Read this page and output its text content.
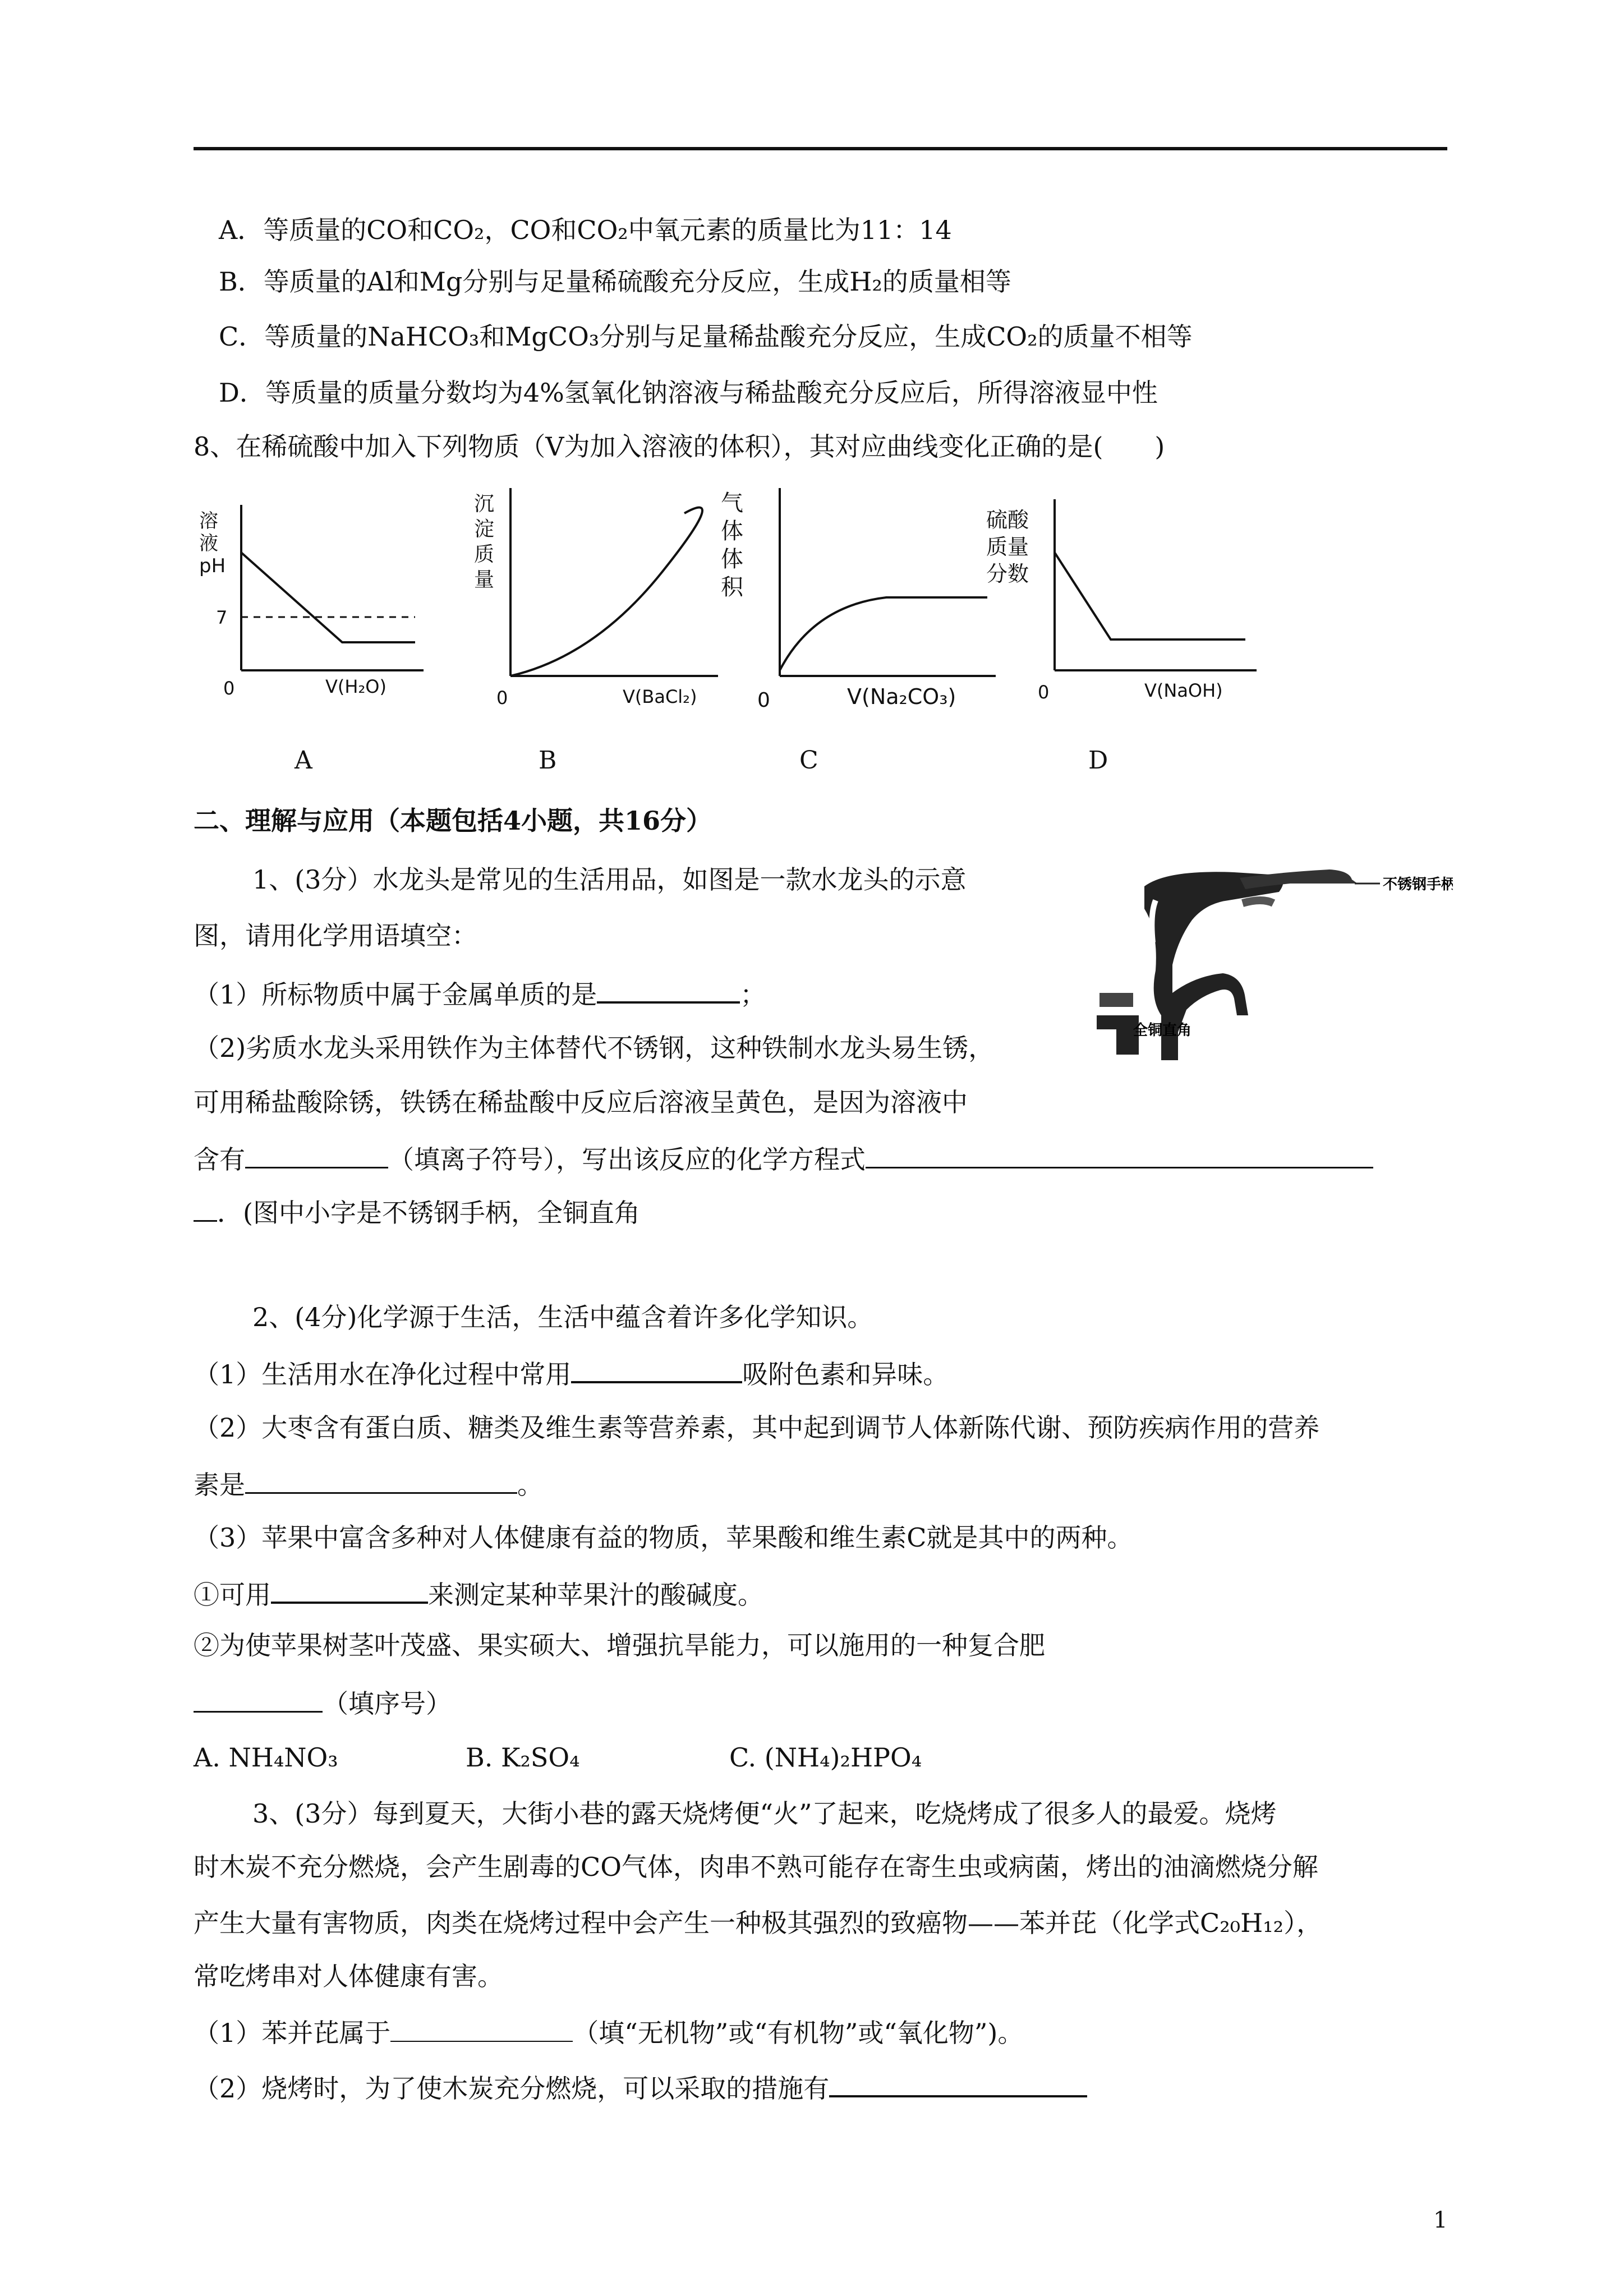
A．等质量的CO和CO₂，CO和CO₂中氧元素的质量比为11：14
B．等质量的Al和Mg分别与足量稀硫酸充分反应，生成H₂的质量相等
C．等质量的NaHCO₃和MgCO₃分别与足量稀盐酸充分反应，生成CO₂的质量不相等
D．等质量的质量分数均为4%氢氧化钠溶液与稀盐酸充分反应后，所得溶液显中性
8、在稀硫酸中加入下列物质（V为加入溶液的体积），其对应曲线变化正确的是(　　)
溶
液
pH
7
0	V(H₂O)
沉
淀
质
量
0	V(BaCl₂)
气
体
体
积
0	V(Na₂CO₃)
硫酸
质量
分数
0	V(NaOH)
A	B	C	D
二、理解与应用（本题包括4小题，共16分）
1、(3分）水龙头是常见的生活用品，如图是一款水龙头的示意
图，请用化学用语填空：
（1）所标物质中属于金属单质的是	；
（2)劣质水龙头采用铁作为主体替代不锈钢，这种铁制水龙头易生锈，
可用稀盐酸除锈，铁锈在稀盐酸中反应后溶液呈黄色，是因为溶液中
含有	（填离子符号），写出该反应的化学方程式
．(图中小字是不锈钢手柄，全铜直角
不锈钢手柄
全铜直角
2、(4分)化学源于生活，生活中蕴含着许多化学知识。
（1）生活用水在净化过程中常用	吸附色素和异味。
（2）大枣含有蛋白质、糖类及维生素等营养素，其中起到调节人体新陈代谢、预防疾病作用的营养
素是	。
（3）苹果中富含多种对人体健康有益的物质，苹果酸和维生素C就是其中的两种。
①可用	来测定某种苹果汁的酸碱度。
②为使苹果树茎叶茂盛、果实硕大、增强抗旱能力，可以施用的一种复合肥
（填序号）
A. NH₄NO₃	B. K₂SO₄	C. (NH₄)₂HPO₄
3、(3分）每到夏天，大街小巷的露天烧烤便“火”了起来，吃烧烤成了很多人的最爱。烧烤
时木炭不充分燃烧，会产生剧毒的CO气体，肉串不熟可能存在寄生虫或病菌，烤出的油滴燃烧分解
产生大量有害物质，肉类在烧烤过程中会产生一种极其强烈的致癌物——苯并芘（化学式C₂₀H₁₂），
常吃烤串对人体健康有害。
（1）苯并芘属于	（填“无机物”或“有机物”或“氧化物”)。
（2）烧烤时，为了使木炭充分燃烧，可以采取的措施有
1
